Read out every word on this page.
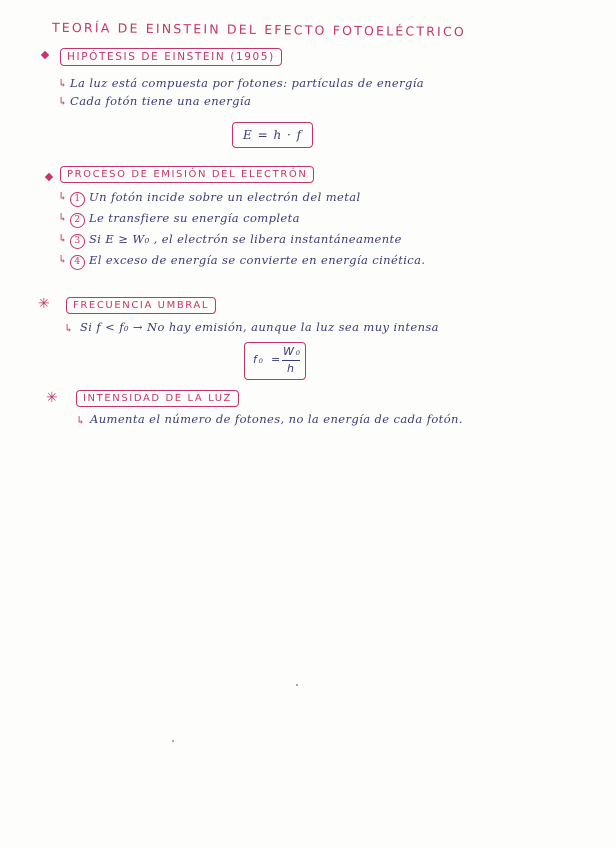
TEORÍA DE EINSTEIN DEL EFECTO FOTOELÉCTRICO
HIPÓTESIS DE EINSTEIN (1905)
↳ La luz está compuesta por fotones: partículas de energía
↳ Cada fotón tiene una energía
E = h · f
PROCESO DE EMISIÓN DEL ELECTRÓN
↳ 1 Un fotón incide sobre un electrón del metal
↳ 2 Le transfiere su energía completa
↳ 3 Si E ≥ W₀ , el electrón se libera instantáneamente
↳ 4 El exceso de energía se convierte en energía cinética.
✳	FRECUENCIA UMBRAL
↳ Si f < f₀ → No hay emisión, aunque la luz sea muy intensa
f₀ =
W₀
h
✳	INTENSIDAD DE LA LUZ
↳ Aumenta el número de fotones, no la energía de cada fotón.
